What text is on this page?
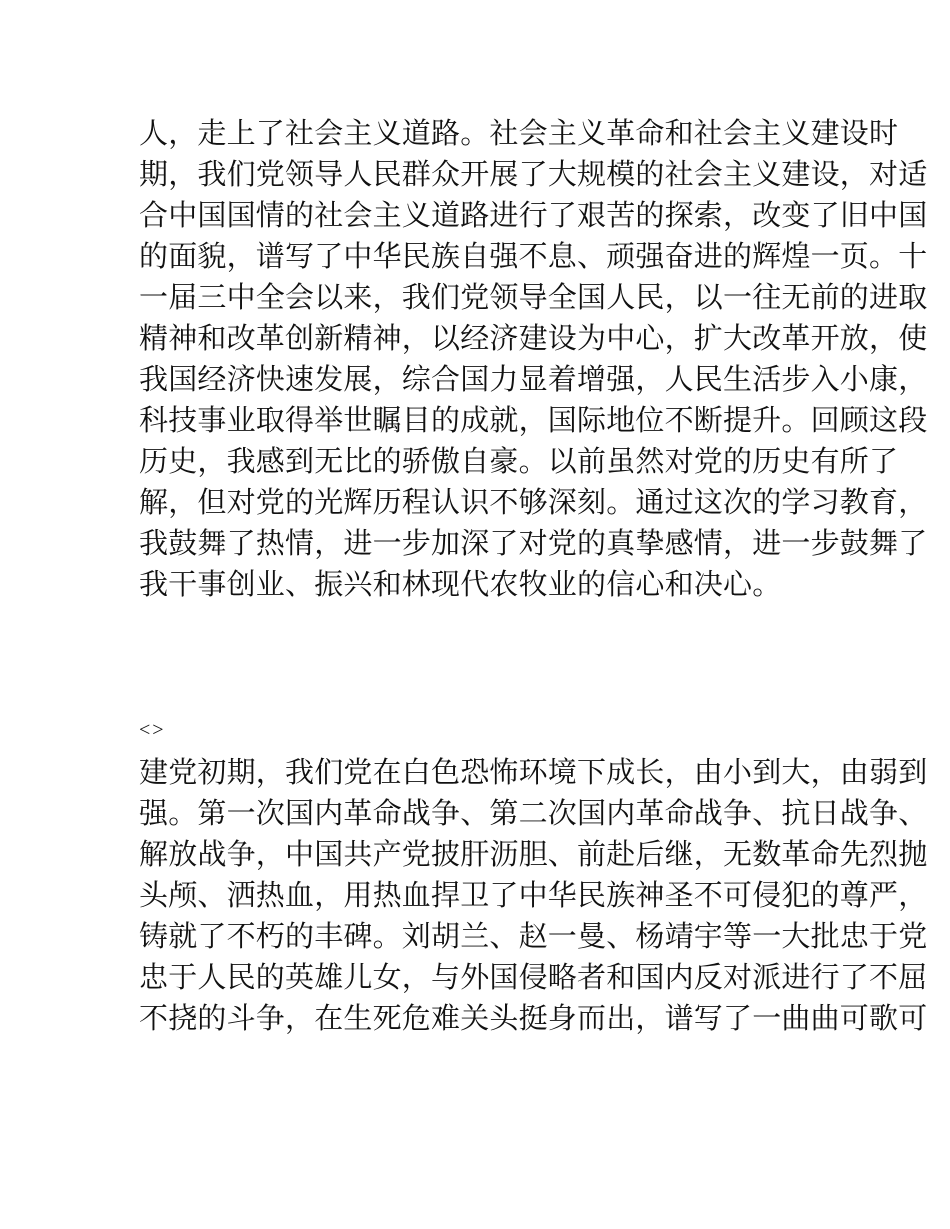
人，走上了社会主义道路。社会主义革命和社会主义建设时
期，我们党领导人民群众开展了大规模的社会主义建设，对适
合中国国情的社会主义道路进行了艰苦的探索，改变了旧中国
的面貌，谱写了中华民族自强不息、顽强奋进的辉煌一页。十
一届三中全会以来，我们党领导全国人民，以一往无前的进取
精神和改革创新精神，以经济建设为中心，扩大改革开放，使
我国经济快速发展，综合国力显着增强，人民生活步入小康，
科技事业取得举世瞩目的成就，国际地位不断提升。回顾这段
历史，我感到无比的骄傲自豪。以前虽然对党的历史有所了
解，但对党的光辉历程认识不够深刻。通过这次的学习教育，
我鼓舞了热情，进一步加深了对党的真挚感情，进一步鼓舞了
我干事创业、振兴和林现代农牧业的信心和决心。
<>
建党初期，我们党在白色恐怖环境下成长，由小到大，由弱到
强。第一次国内革命战争、第二次国内革命战争、抗日战争、
解放战争，中国共产党披肝沥胆、前赴后继，无数革命先烈抛
头颅、洒热血，用热血捍卫了中华民族神圣不可侵犯的尊严，
铸就了不朽的丰碑。刘胡兰、赵一曼、杨靖宇等一大批忠于党
忠于人民的英雄儿女，与外国侵略者和国内反对派进行了不屈
不挠的斗争，在生死危难关头挺身而出，谱写了一曲曲可歌可
